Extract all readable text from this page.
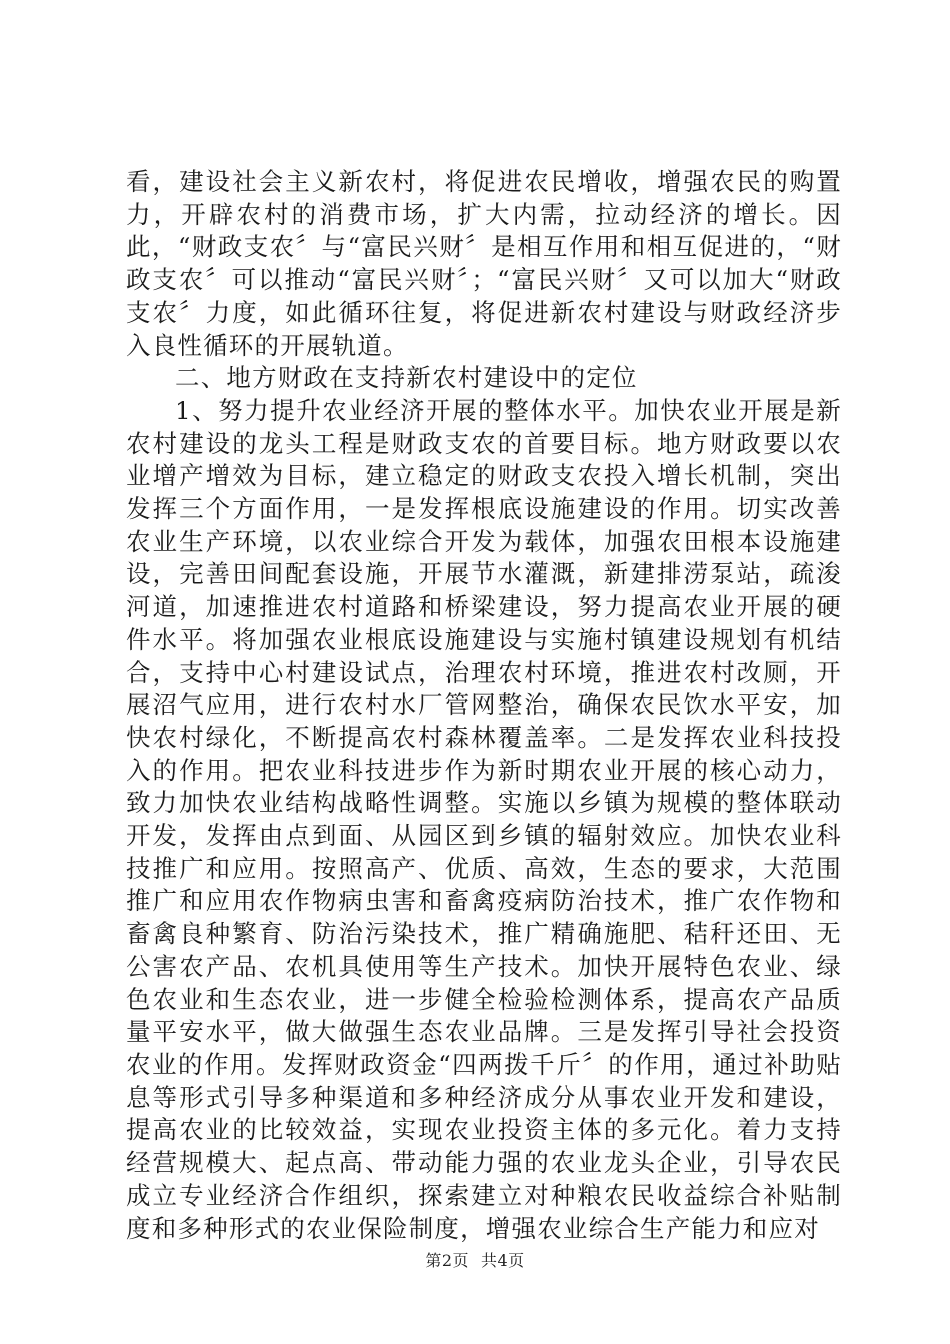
看，建设社会主义新农村，将促进农民增收，增强农民的购置力，开辟农村的消费市场，扩大内需，拉动经济的增长。因此，“财政支农〞与“富民兴财〞是相互作用和相互促进的，“财政支农〞可以推动“富民兴财〞；“富民兴财〞又可以加大“财政支农〞力度，如此循环往复，将促进新农村建设与财政经济步入良性循环的开展轨道。

二、地方财政在支持新农村建设中的定位

1、努力提升农业经济开展的整体水平。加快农业开展是新农村建设的龙头工程是财政支农的首要目标。地方财政要以农业增产增效为目标，建立稳定的财政支农投入增长机制，突出发挥三个方面作用，一是发挥根底设施建设的作用。切实改善农业生产环境，以农业综合开发为载体，加强农田根本设施建设，完善田间配套设施，开展节水灌溉，新建排涝泵站，疏浚河道，加速推进农村道路和桥梁建设，努力提高农业开展的硬件水平。将加强农业根底设施建设与实施村镇建设规划有机结合，支持中心村建设试点，治理农村环境，推进农村改厕，开展沼气应用，进行农村水厂管网整治，确保农民饮水平安，加快农村绿化，不断提高农村森林覆盖率。二是发挥农业科技投入的作用。把农业科技进步作为新时期农业开展的核心动力，致力加快农业结构战略性调整。实施以乡镇为规模的整体联动开发，发挥由点到面、从园区到乡镇的辐射效应。加快农业科技推广和应用。按照高产、优质、高效，生态的要求，大范围推广和应用农作物病虫害和畜禽疫病防治技术，推广农作物和畜禽良种繁育、防治污染技术，推广精确施肥、秸秆还田、无公害农产品、农机具使用等生产技术。加快开展特色农业、绿色农业和生态农业，进一步健全检验检测体系，提高农产品质量平安水平，做大做强生态农业品牌。三是发挥引导社会投资农业的作用。发挥财政资金“四两拨千斤〞的作用，通过补助贴息等形式引导多种渠道和多种经济成分从事农业开发和建设，提高农业的比较效益，实现农业投资主体的多元化。着力支持经营规模大、起点高、带动能力强的农业龙头企业，引导农民成立专业经济合作组织，探索建立对种粮农民收益综合补贴制度和多种形式的农业保险制度，增强农业综合生产能力和应对

第2页 共4页
